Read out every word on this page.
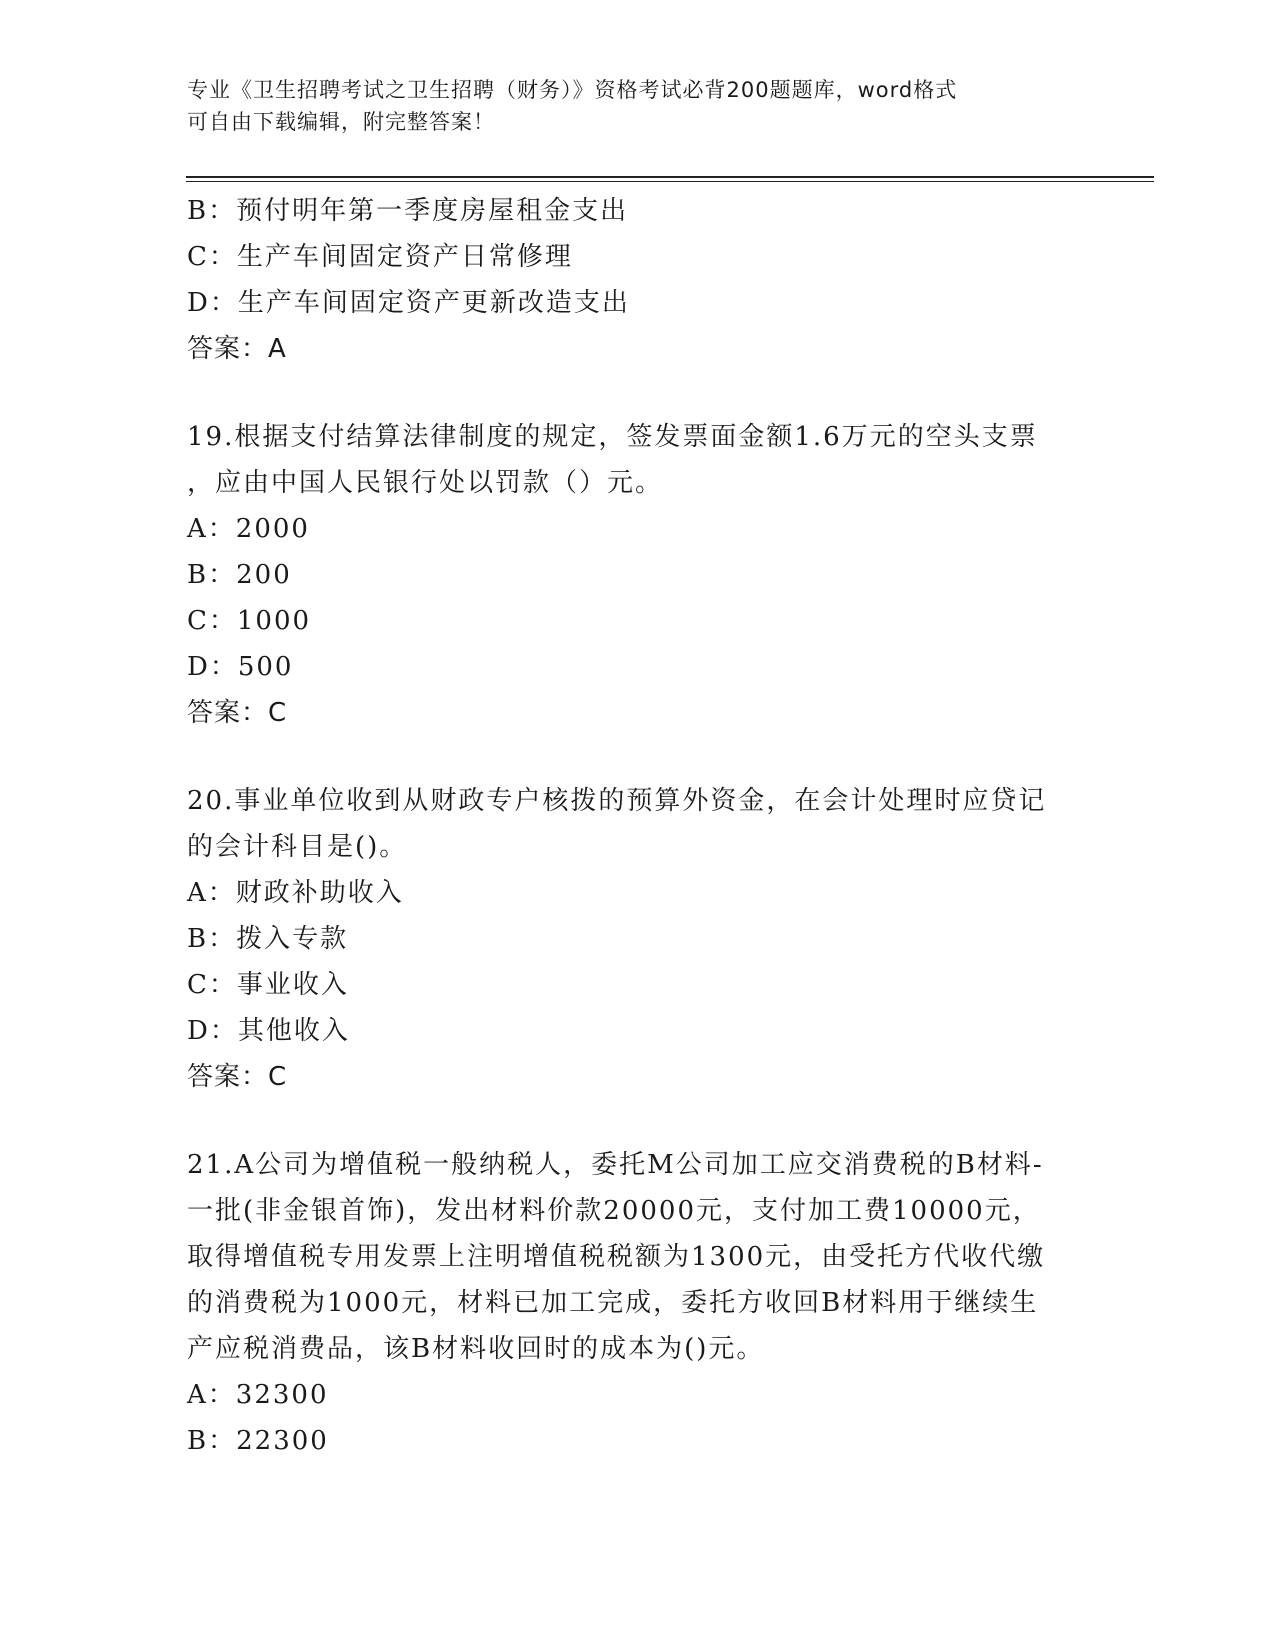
专业《卫生招聘考试之卫生招聘（财务）》资格考试必背200题题库，word格式
可自由下载编辑，附完整答案！
B：预付明年第一季度房屋租金支出
C：生产车间固定资产日常修理
D：生产车间固定资产更新改造支出
答案：A
19.根据支付结算法律制度的规定，签发票面金额1.6万元的空头支票
，应由中国人民银行处以罚款（）元。
A：2000
B：200
C：1000
D：500
答案：C
20.事业单位收到从财政专户核拨的预算外资金，在会计处理时应贷记
的会计科目是()。
A：财政补助收入
B：拨入专款
C：事业收入
D：其他收入
答案：C
21.A公司为增值税一般纳税人，委托M公司加工应交消费税的B材料-
一批(非金银首饰)，发出材料价款20000元，支付加工费10000元，
取得增值税专用发票上注明增值税税额为1300元，由受托方代收代缴
的消费税为1000元，材料已加工完成，委托方收回B材料用于继续生
产应税消费品，该B材料收回时的成本为()元。
A：32300
B：22300
